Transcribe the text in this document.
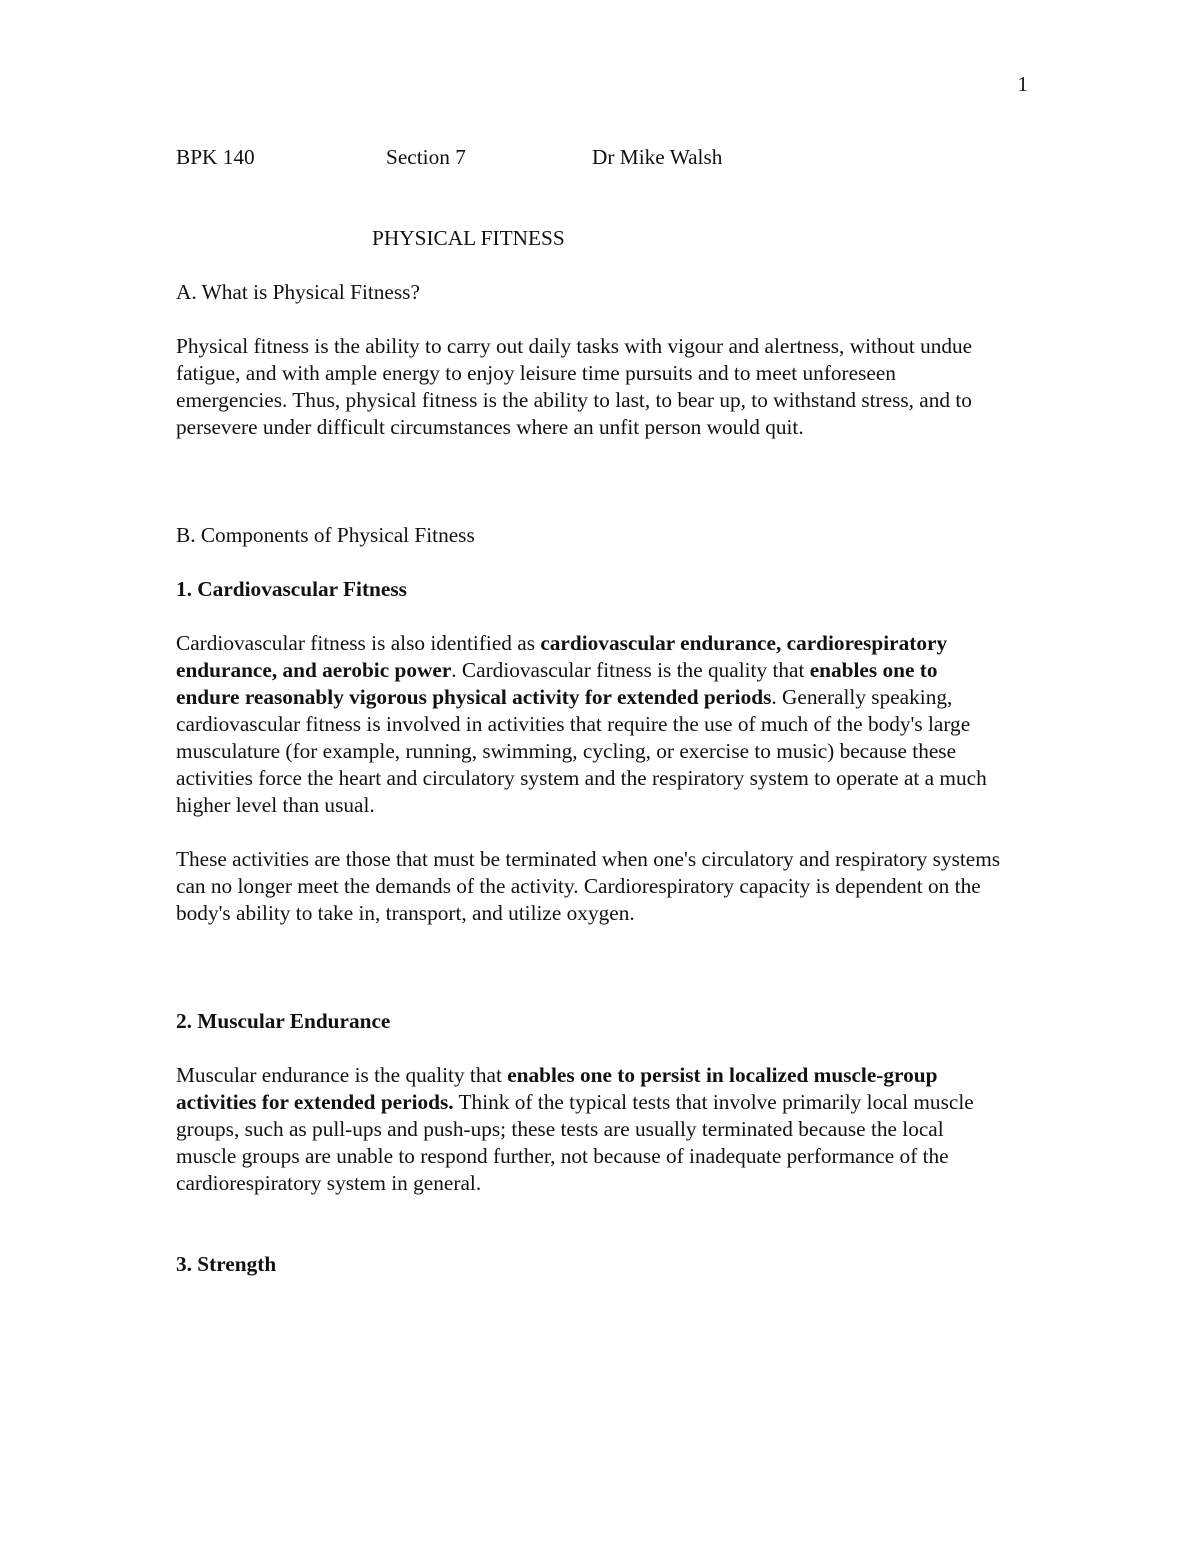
1
BPK 140	Section 7	Dr Mike Walsh
PHYSICAL FITNESS

A. What is Physical Fitness?

Physical fitness is the ability to carry out daily tasks with vigour and alertness, without undue fatigue, and with ample energy to enjoy leisure time pursuits and to meet unforeseen emergencies. Thus, physical fitness is the ability to last, to bear up, to withstand stress, and to persevere under difficult circumstances where an unfit person would quit.

B. Components of Physical Fitness

1. Cardiovascular Fitness

Cardiovascular fitness is also identified as cardiovascular endurance, cardiorespiratory endurance, and aerobic power. Cardiovascular fitness is the quality that enables one to endure reasonably vigorous physical activity for extended periods. Generally speaking, cardiovascular fitness is involved in activities that require the use of much of the body's large musculature (for example, running, swimming, cycling, or exercise to music) because these activities force the heart and circulatory system and the respiratory system to operate at a much higher level than usual.

These activities are those that must be terminated when one's circulatory and respiratory systems can no longer meet the demands of the activity. Cardiorespiratory capacity is dependent on the body's ability to take in, transport, and utilize oxygen.

2. Muscular Endurance

Muscular endurance is the quality that enables one to persist in localized muscle-group activities for extended periods. Think of the typical tests that involve primarily local muscle groups, such as pull-ups and push-ups; these tests are usually terminated because the local muscle groups are unable to respond further, not because of inadequate performance of the cardiorespiratory system in general.

3. Strength
